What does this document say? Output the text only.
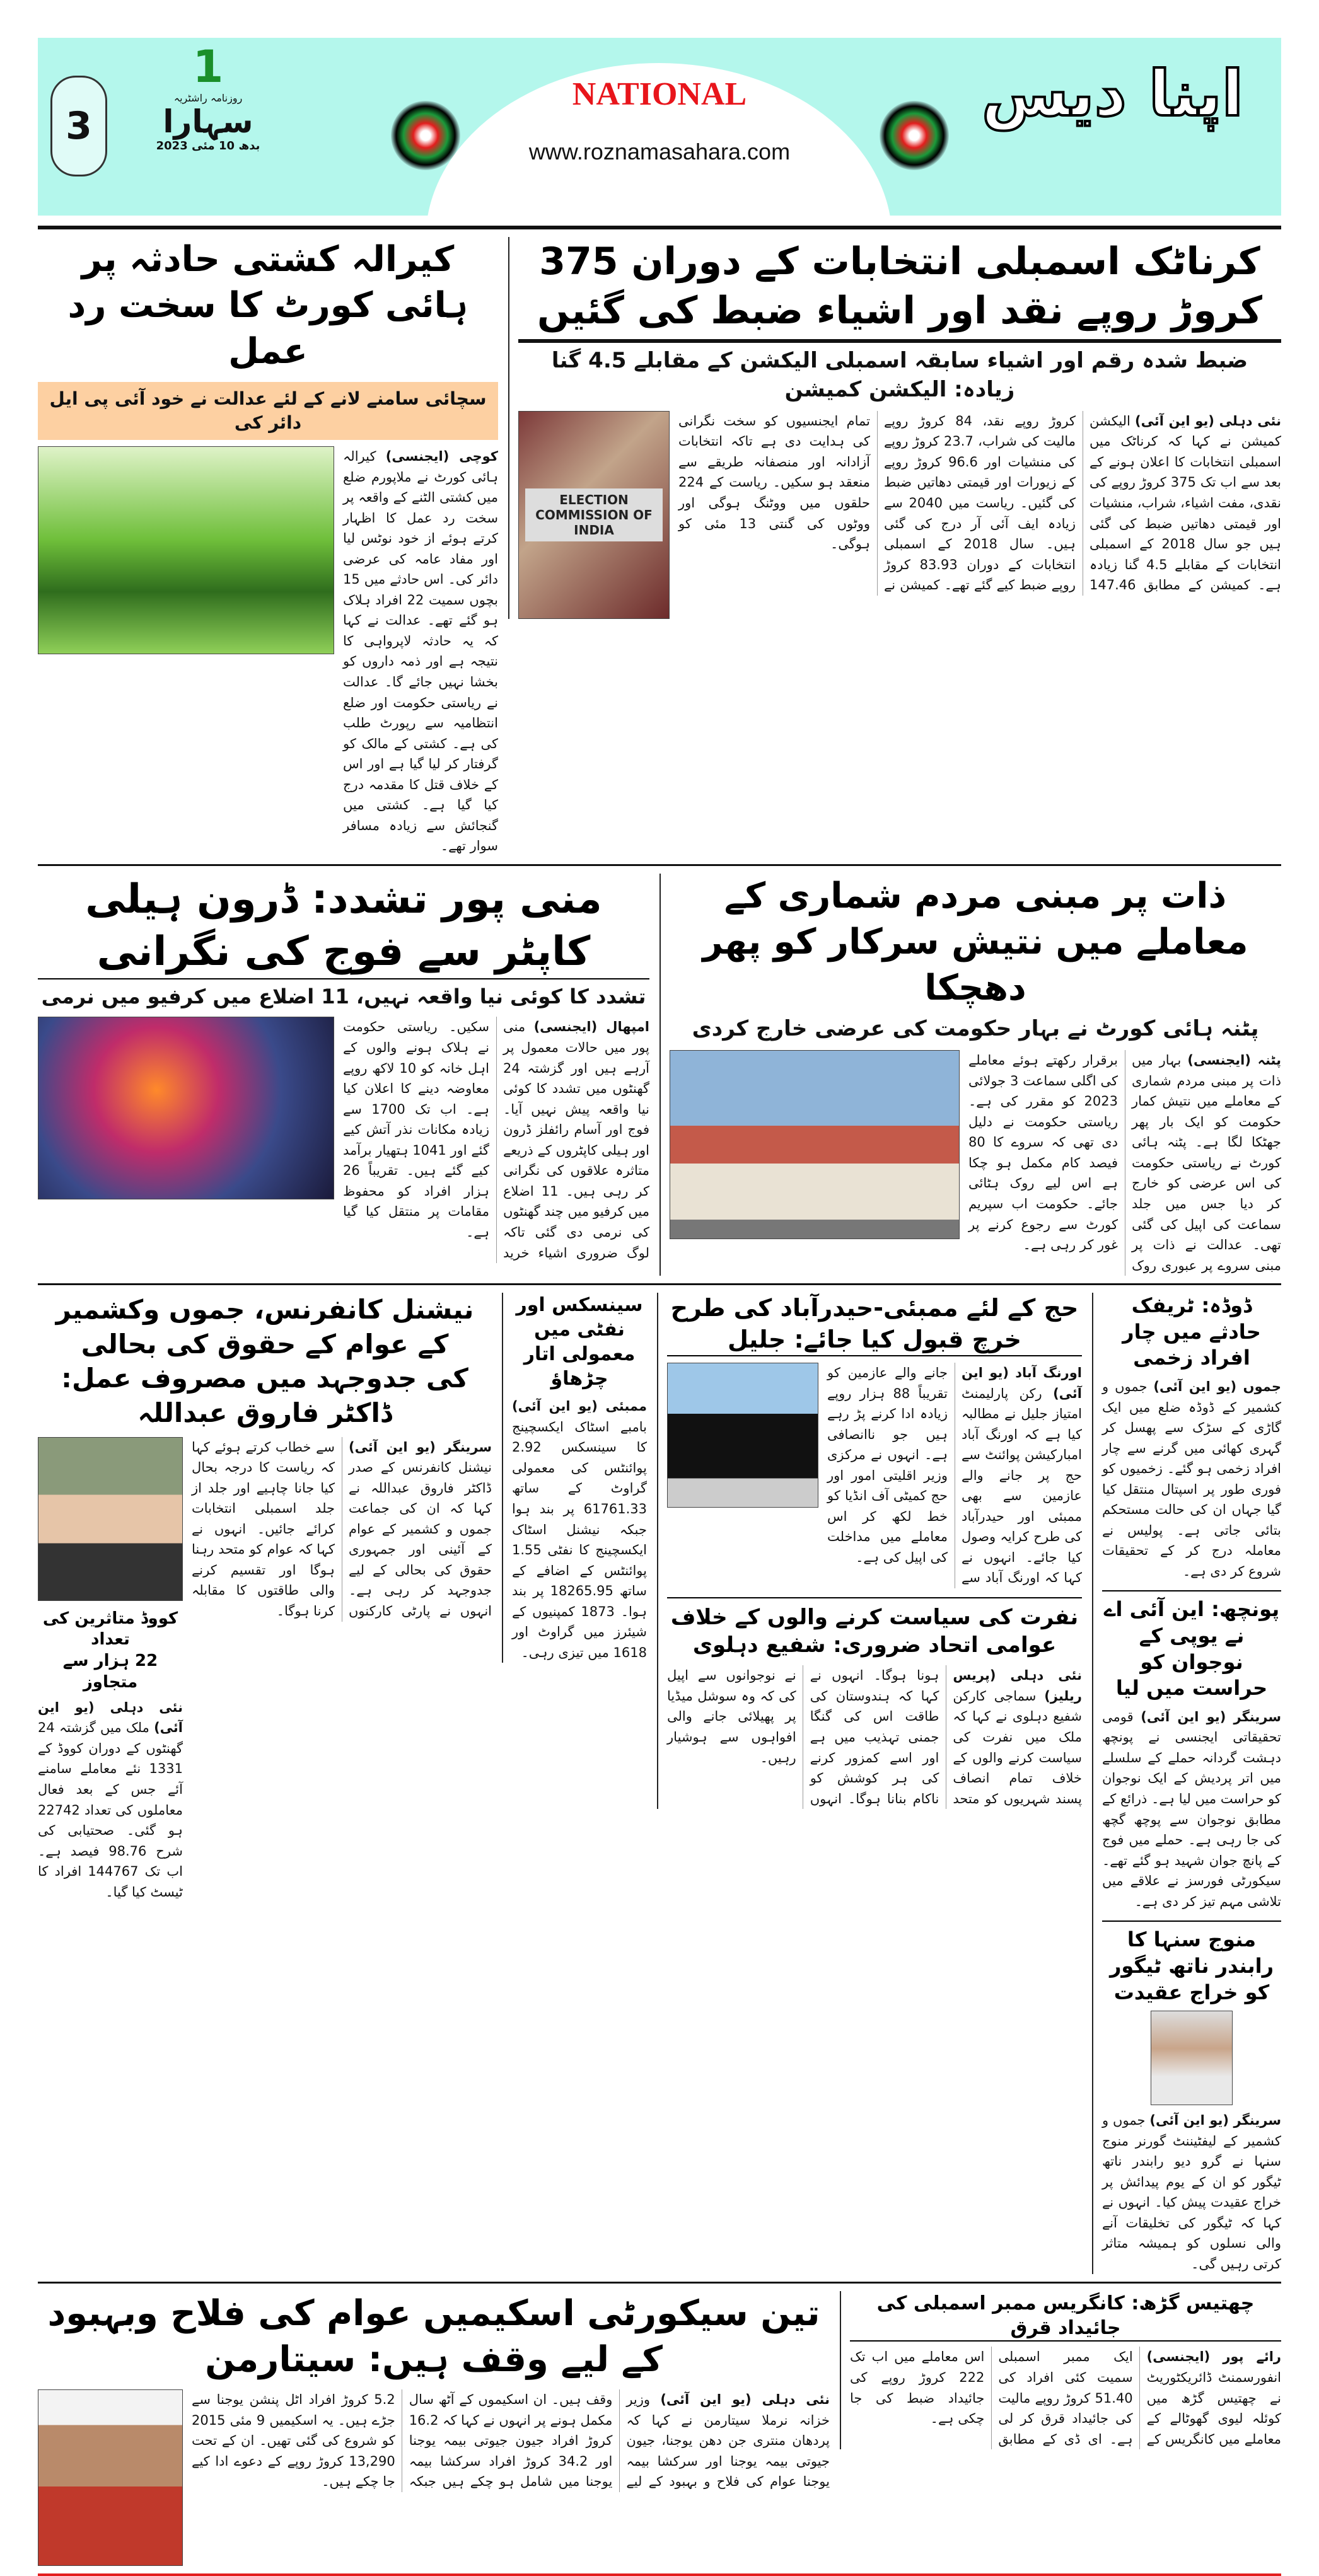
NATIONAL
www.roznamasahara.com
اپنا دیس
3
1
روزنامہ راشٹریہ
سہارا
بدھ 10 مئی 2023
کیرالہ کشتی حادثہ پر ہائی کورٹ کا سخت رد عمل
سچائی سامنے لانے کے لئے عدالت نے خود آئی پی ایل دائر کی
کوچی (ایجنسی) کیرالہ ہائی کورٹ نے ملاپورم ضلع میں کشتی الٹنے کے واقعہ پر سخت رد عمل کا اظہار کرتے ہوئے از خود نوٹس لیا اور مفاد عامہ کی عرضی دائر کی۔ اس حادثے میں 15 بچوں سمیت 22 افراد ہلاک ہو گئے تھے۔ عدالت نے کہا کہ یہ حادثہ لاپرواہی کا نتیجہ ہے اور ذمہ داروں کو بخشا نہیں جائے گا۔ عدالت نے ریاستی حکومت اور ضلع انتظامیہ سے رپورٹ طلب کی ہے۔ کشتی کے مالک کو گرفتار کر لیا گیا ہے اور اس کے خلاف قتل کا مقدمہ درج کیا گیا ہے۔ کشتی میں گنجائش سے زیادہ مسافر سوار تھے۔
کرناٹک اسمبلی انتخابات کے دوران 375 کروڑ روپے نقد اور اشیاء ضبط کی گئیں
ضبط شدہ رقم اور اشیاء سابقہ اسمبلی الیکشن کے مقابلے 4.5 گنا زیادہ: الیکشن کمیشن
ELECTION COMMISSION OF INDIA
نئی دہلی (یو این آئی) الیکشن کمیشن نے کہا کہ کرناٹک میں اسمبلی انتخابات کا اعلان ہونے کے بعد سے اب تک 375 کروڑ روپے کی نقدی، مفت اشیاء، شراب، منشیات اور قیمتی دھاتیں ضبط کی گئی ہیں جو سال 2018 کے اسمبلی انتخابات کے مقابلے 4.5 گنا زیادہ ہے۔ کمیشن کے مطابق 147.46 کروڑ روپے نقد، 84 کروڑ روپے مالیت کی شراب، 23.7 کروڑ روپے کی منشیات اور 96.6 کروڑ روپے کے زیورات اور قیمتی دھاتیں ضبط کی گئیں۔ ریاست میں 2040 سے زیادہ ایف آئی آر درج کی گئی ہیں۔ سال 2018 کے اسمبلی انتخابات کے دوران 83.93 کروڑ روپے ضبط کیے گئے تھے۔ کمیشن نے تمام ایجنسیوں کو سخت نگرانی کی ہدایت دی ہے تاکہ انتخابات آزادانہ اور منصفانہ طریقے سے منعقد ہو سکیں۔ ریاست کے 224 حلقوں میں ووٹنگ ہوگی اور ووٹوں کی گنتی 13 مئی کو ہوگی۔
منی پور تشدد: ڈرون ہیلی کاپٹر سے فوج کی نگرانی
تشدد کا کوئی نیا واقعہ نہیں، 11 اضلاع میں کرفیو میں نرمی
امپھال (ایجنسی) منی پور میں حالات معمول پر آرہے ہیں اور گزشتہ 24 گھنٹوں میں تشدد کا کوئی نیا واقعہ پیش نہیں آیا۔ فوج اور آسام رائفلز ڈرون اور ہیلی کاپٹروں کے ذریعے متاثرہ علاقوں کی نگرانی کر رہی ہیں۔ 11 اضلاع میں کرفیو میں چند گھنٹوں کی نرمی دی گئی تاکہ لوگ ضروری اشیاء خرید سکیں۔ ریاستی حکومت نے ہلاک ہونے والوں کے اہل خانہ کو 10 لاکھ روپے معاوضہ دینے کا اعلان کیا ہے۔ اب تک 1700 سے زیادہ مکانات نذر آتش کیے گئے اور 1041 ہتھیار برآمد کیے گئے ہیں۔ تقریباً 26 ہزار افراد کو محفوظ مقامات پر منتقل کیا گیا ہے۔
ذات پر مبنی مردم شماری کے معاملے میں نتیش سرکار کو پھر دھچکا
پٹنہ ہائی کورٹ نے بہار حکومت کی عرضی خارج کردی
پٹنہ (ایجنسی) بہار میں ذات پر مبنی مردم شماری کے معاملے میں نتیش کمار حکومت کو ایک بار پھر جھٹکا لگا ہے۔ پٹنہ ہائی کورٹ نے ریاستی حکومت کی اس عرضی کو خارج کر دیا جس میں جلد سماعت کی اپیل کی گئی تھی۔ عدالت نے ذات پر مبنی سروے پر عبوری روک برقرار رکھتے ہوئے معاملے کی اگلی سماعت 3 جولائی 2023 کو مقرر کی ہے۔ ریاستی حکومت نے دلیل دی تھی کہ سروے کا 80 فیصد کام مکمل ہو چکا ہے اس لیے روک ہٹائی جائے۔ حکومت اب سپریم کورٹ سے رجوع کرنے پر غور کر رہی ہے۔
نیشنل کانفرنس، جموں وکشمیر کے عوام کے حقوق کی بحالی
کی جدوجہد میں مصروف عمل: ڈاکٹر فاروق عبداللہ
کووڈ متاثرین کی تعداد
22 ہزار سے متجاوز
نئی دہلی (یو این آئی) ملک میں گزشتہ 24 گھنٹوں کے دوران کووڈ کے 1331 نئے معاملے سامنے آئے جس کے بعد فعال معاملوں کی تعداد 22742 ہو گئی۔ صحتیابی کی شرح 98.76 فیصد ہے۔ اب تک 144767 افراد کا ٹیسٹ کیا گیا۔
سرینگر (یو این آئی) نیشنل کانفرنس کے صدر ڈاکٹر فاروق عبداللہ نے کہا کہ ان کی جماعت جموں و کشمیر کے عوام کے آئینی اور جمہوری حقوق کی بحالی کے لیے جدوجہد کر رہی ہے۔ انہوں نے پارٹی کارکنوں سے خطاب کرتے ہوئے کہا کہ ریاست کا درجہ بحال کیا جانا چاہیے اور جلد از جلد اسمبلی انتخابات کرائے جائیں۔ انہوں نے کہا کہ عوام کو متحد رہنا ہوگا اور تقسیم کرنے والی طاقتوں کا مقابلہ کرنا ہوگا۔
سینسکس اور نفٹی میں
معمولی اتار چڑھاؤ
ممبئی (یو این آئی) بامبے اسٹاک ایکسچینج کا سینسکس 2.92 پوائنٹس کی معمولی گراوٹ کے ساتھ 61761.33 پر بند ہوا جبکہ نیشنل اسٹاک ایکسچینج کا نفٹی 1.55 پوائنٹس کے اضافے کے ساتھ 18265.95 پر بند ہوا۔ 1873 کمپنیوں کے شیئرز میں گراوٹ اور 1618 میں تیزی رہی۔
حج کے لئے ممبئی-حیدرآباد کی طرح خرچ قبول کیا جائے: جلیل
اورنگ آباد (یو این آئی) رکن پارلیمنٹ امتیاز جلیل نے مطالبہ کیا ہے کہ اورنگ آباد امبارکیشن پوائنٹ سے حج پر جانے والے عازمین سے بھی ممبئی اور حیدرآباد کی طرح کرایہ وصول کیا جائے۔ انہوں نے کہا کہ اورنگ آباد سے جانے والے عازمین کو تقریباً 88 ہزار روپے زیادہ ادا کرنے پڑ رہے ہیں جو ناانصافی ہے۔ انہوں نے مرکزی وزیر اقلیتی امور اور حج کمیٹی آف انڈیا کو خط لکھ کر اس معاملے میں مداخلت کی اپیل کی ہے۔
نفرت کی سیاست کرنے والوں کے خلاف عوامی اتحاد ضروری: شفیع دہلوی
نئی دہلی (پریس ریلیز) سماجی کارکن شفیع دہلوی نے کہا کہ ملک میں نفرت کی سیاست کرنے والوں کے خلاف تمام انصاف پسند شہریوں کو متحد ہونا ہوگا۔ انہوں نے کہا کہ ہندوستان کی طاقت اس کی گنگا جمنی تہذیب میں ہے اور اسے کمزور کرنے کی ہر کوشش کو ناکام بنانا ہوگا۔ انہوں نے نوجوانوں سے اپیل کی کہ وہ سوشل میڈیا پر پھیلائی جانے والی افواہوں سے ہوشیار رہیں۔
ڈوڈہ: ٹریفک حادثے میں چار افراد زخمی
جموں (یو این آئی) جموں و کشمیر کے ڈوڈہ ضلع میں ایک گاڑی کے سڑک سے پھسل کر گہری کھائی میں گرنے سے چار افراد زخمی ہو گئے۔ زخمیوں کو فوری طور پر اسپتال منتقل کیا گیا جہاں ان کی حالت مستحکم بتائی جاتی ہے۔ پولیس نے معاملہ درج کر کے تحقیقات شروع کر دی ہے۔
پونچھ: این آئی اے نے یوپی کے نوجوان کو حراست میں لیا
سرینگر (یو این آئی) قومی تحقیقاتی ایجنسی نے پونچھ دہشت گردانہ حملے کے سلسلے میں اتر پردیش کے ایک نوجوان کو حراست میں لیا ہے۔ ذرائع کے مطابق نوجوان سے پوچھ گچھ کی جا رہی ہے۔ حملے میں فوج کے پانچ جوان شہید ہو گئے تھے۔ سیکورٹی فورسز نے علاقے میں تلاشی مہم تیز کر دی ہے۔
منوج سنہا کا رابندر ناتھ ٹیگور کو خراج عقیدت
سرینگر (یو این آئی) جموں و کشمیر کے لیفٹیننٹ گورنر منوج سنہا نے گرو دیو رابندر ناتھ ٹیگور کو ان کے یوم پیدائش پر خراج عقیدت پیش کیا۔ انہوں نے کہا کہ ٹیگور کی تخلیقات آنے والی نسلوں کو ہمیشہ متاثر کرتی رہیں گی۔
تین سیکورٹی اسکیمیں عوام کی فلاح وبہبود کے لیے وقف ہیں: سیتارمن
نئی دہلی (یو این آئی) وزیر خزانہ نرملا سیتارمن نے کہا کہ پردھان منتری جن دھن یوجنا، جیون جیوتی بیمہ یوجنا اور سرکشا بیمہ یوجنا عوام کی فلاح و بہبود کے لیے وقف ہیں۔ ان اسکیموں کے آٹھ سال مکمل ہونے پر انہوں نے کہا کہ 16.2 کروڑ افراد جیون جیوتی بیمہ یوجنا اور 34.2 کروڑ افراد سرکشا بیمہ یوجنا میں شامل ہو چکے ہیں جبکہ 5.2 کروڑ افراد اٹل پنشن یوجنا سے جڑے ہیں۔ یہ اسکیمیں 9 مئی 2015 کو شروع کی گئی تھیں۔ ان کے تحت 13,290 کروڑ روپے کے دعوے ادا کیے جا چکے ہیں۔
چھتیس گڑھ: کانگریس ممبر اسمبلی کی جائیداد قرق
رائے پور (ایجنسی) انفورسمنٹ ڈائریکٹوریٹ نے چھتیس گڑھ میں کوئلہ لیوی گھوٹالے کے معاملے میں کانگریس کے ایک ممبر اسمبلی سمیت کئی افراد کی 51.40 کروڑ روپے مالیت کی جائیداد قرق کر لی ہے۔ ای ڈی کے مطابق اس معاملے میں اب تک 222 کروڑ روپے کی جائیداد ضبط کی جا چکی ہے۔
